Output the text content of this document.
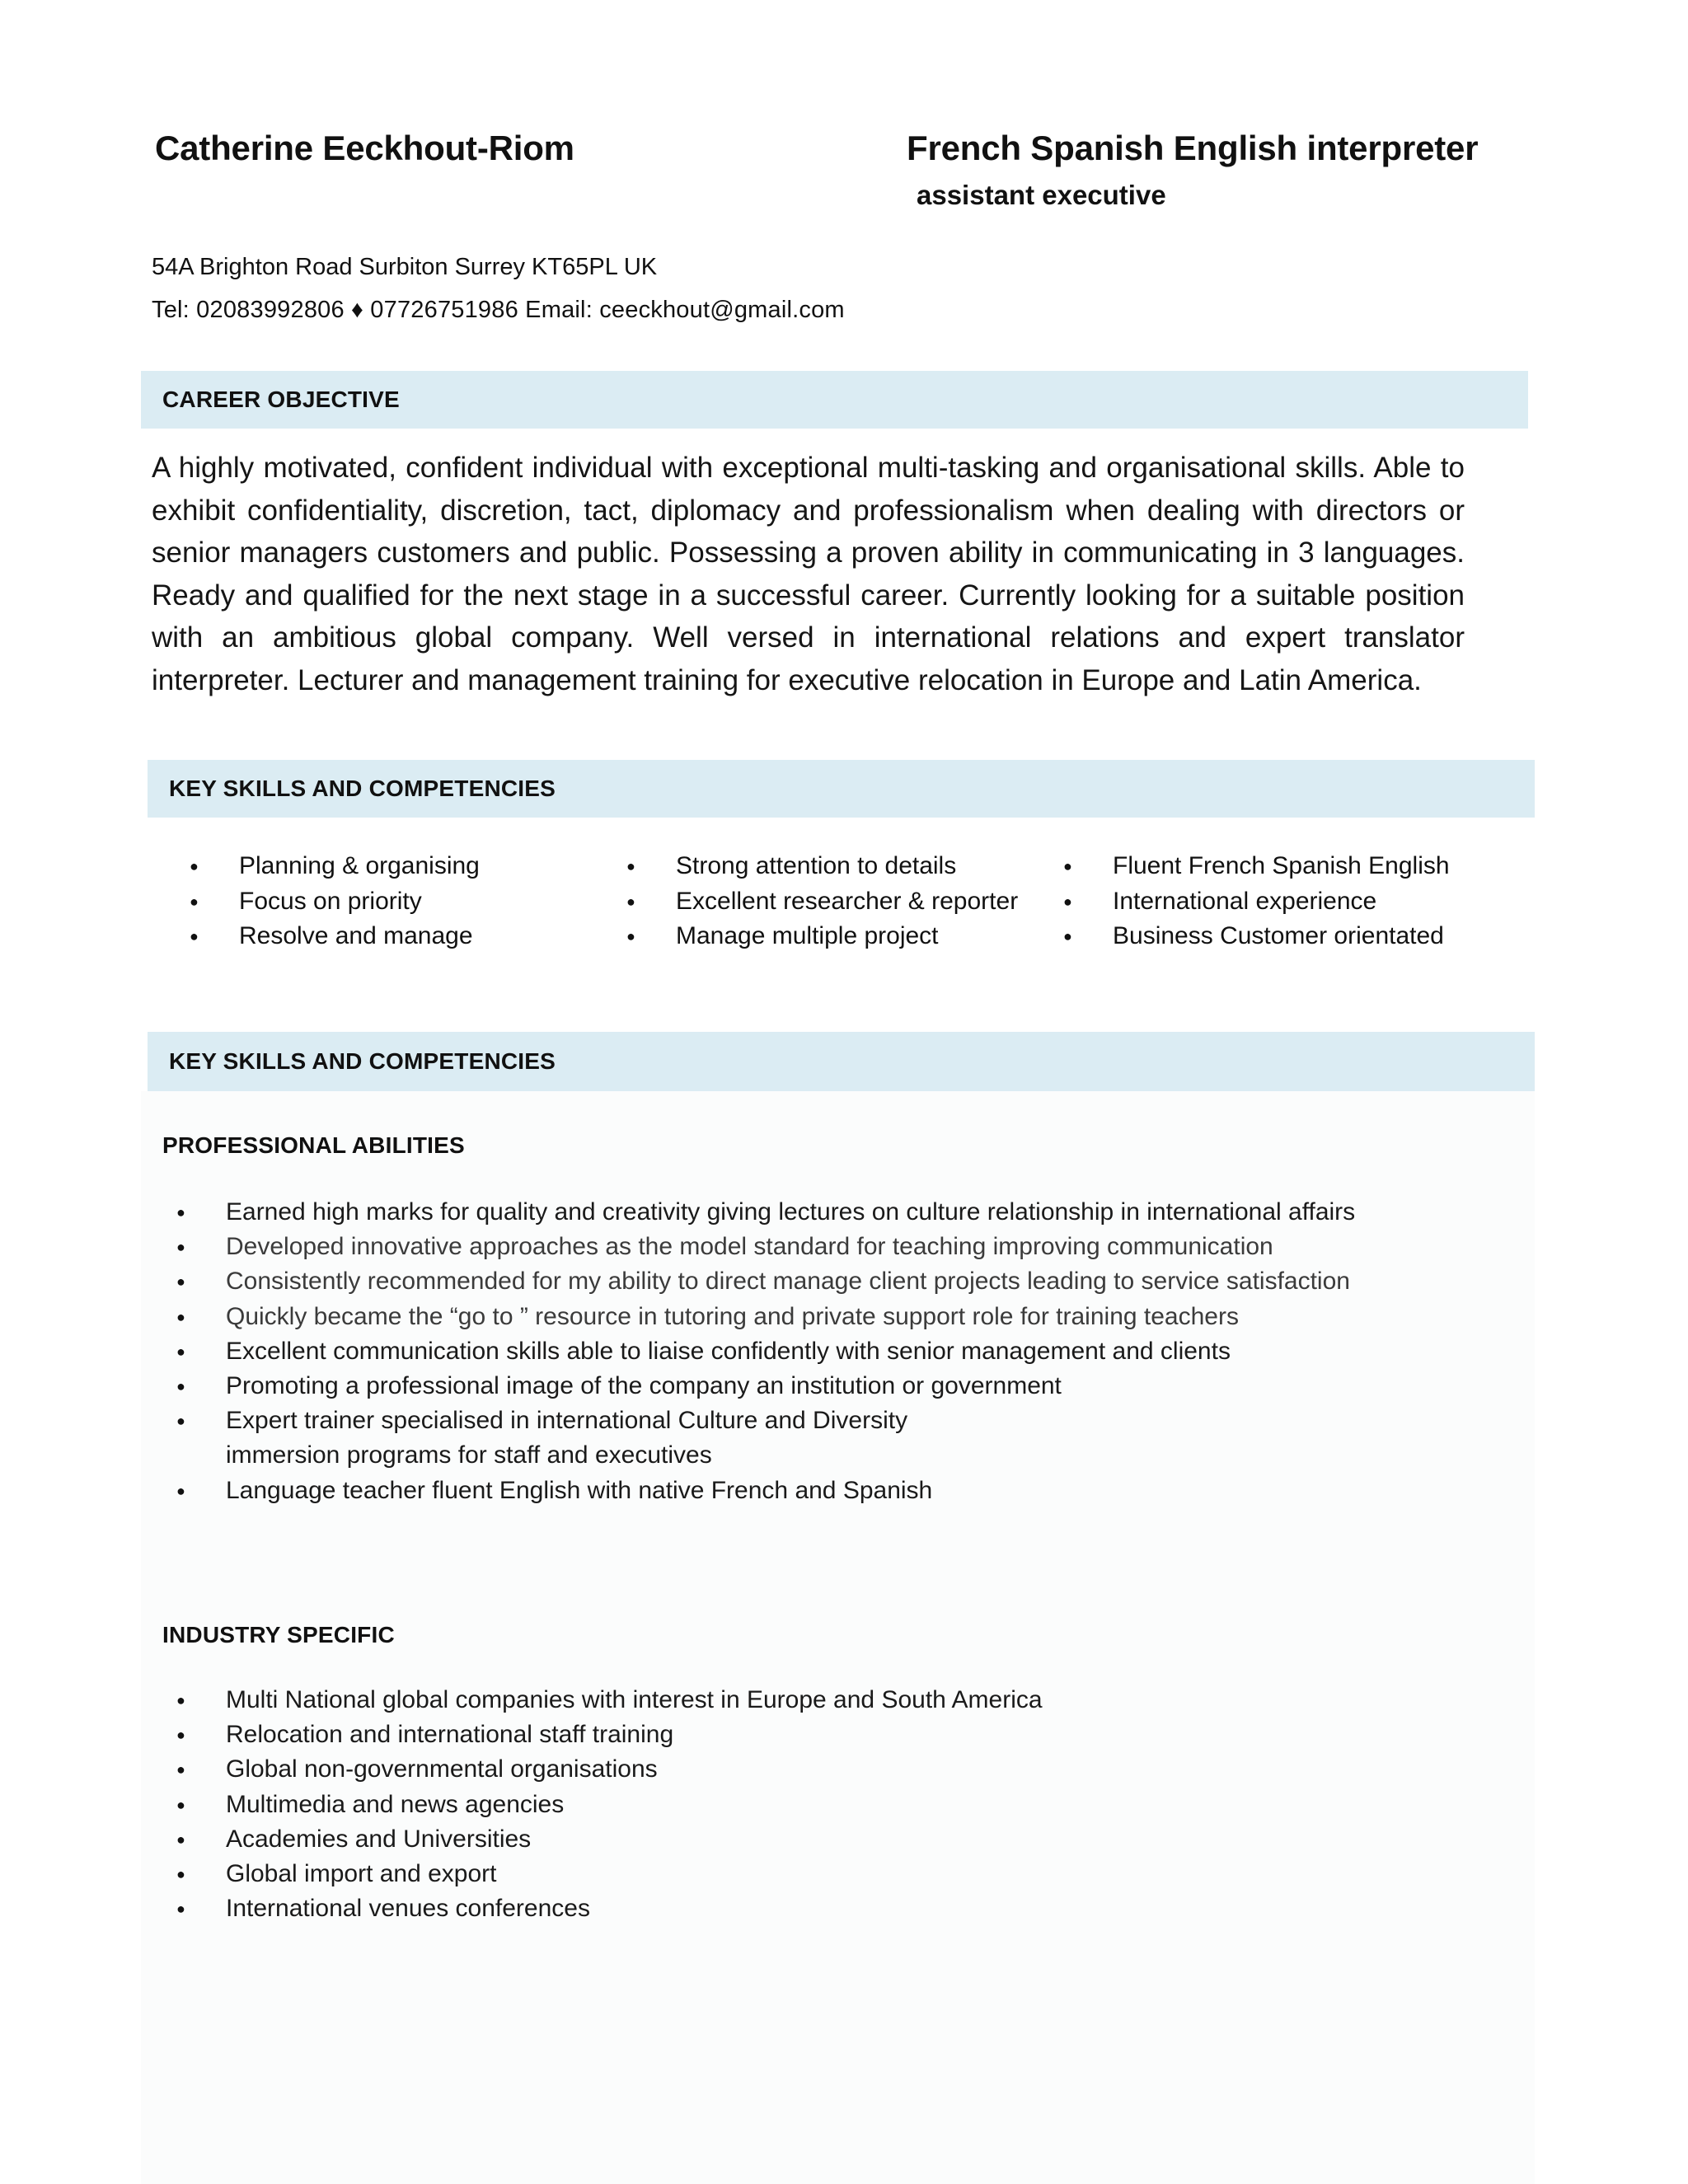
Catherine Eeckhout-Riom	French Spanish English interpreter
assistant executive
54A Brighton Road Surbiton Surrey KT65PL UK
Tel: 02083992806 ♦ 07726751986 Email: ceeckhout@gmail.com
CAREER OBJECTIVE
A highly motivated, confident individual with exceptional multi-tasking and organisational skills. Able to exhibit confidentiality, discretion, tact, diplomacy and professionalism when dealing with directors or senior managers customers and public. Possessing a proven ability in communicating in 3 languages. Ready and qualified for the next stage in a successful career. Currently looking for a suitable position with an ambitious global company. Well versed in international relations and expert translator interpreter. Lecturer and management training for executive relocation in Europe and Latin America.
KEY SKILLS AND COMPETENCIES
● Planning & organising
● Focus on priority
● Resolve and manage
● Strong attention to details
● Excellent researcher & reporter
● Manage multiple project
● Fluent French Spanish English
● International experience
● Business Customer orientated
KEY SKILLS AND COMPETENCIES
PROFESSIONAL ABILITIES
● Earned high marks for quality and creativity giving lectures on culture relationship in international affairs
● Developed innovative approaches as the model standard for teaching improving communication
● Consistently recommended for my ability to direct manage client projects leading to service satisfaction
● Quickly became the “go to ” resource in tutoring and private support role for training teachers
● Excellent communication skills able to liaise confidently with senior management and clients
● Promoting a professional image of the company an institution or government
● Expert trainer specialised in international Culture and Diversity immersion programs for staff and executives
● Language teacher fluent English with native French and Spanish
INDUSTRY SPECIFIC
● Multi National global companies with interest in Europe and South America
● Relocation and international staff training
● Global non-governmental organisations
● Multimedia and news agencies
● Academies and Universities
● Global import and export
● International venues conferences
